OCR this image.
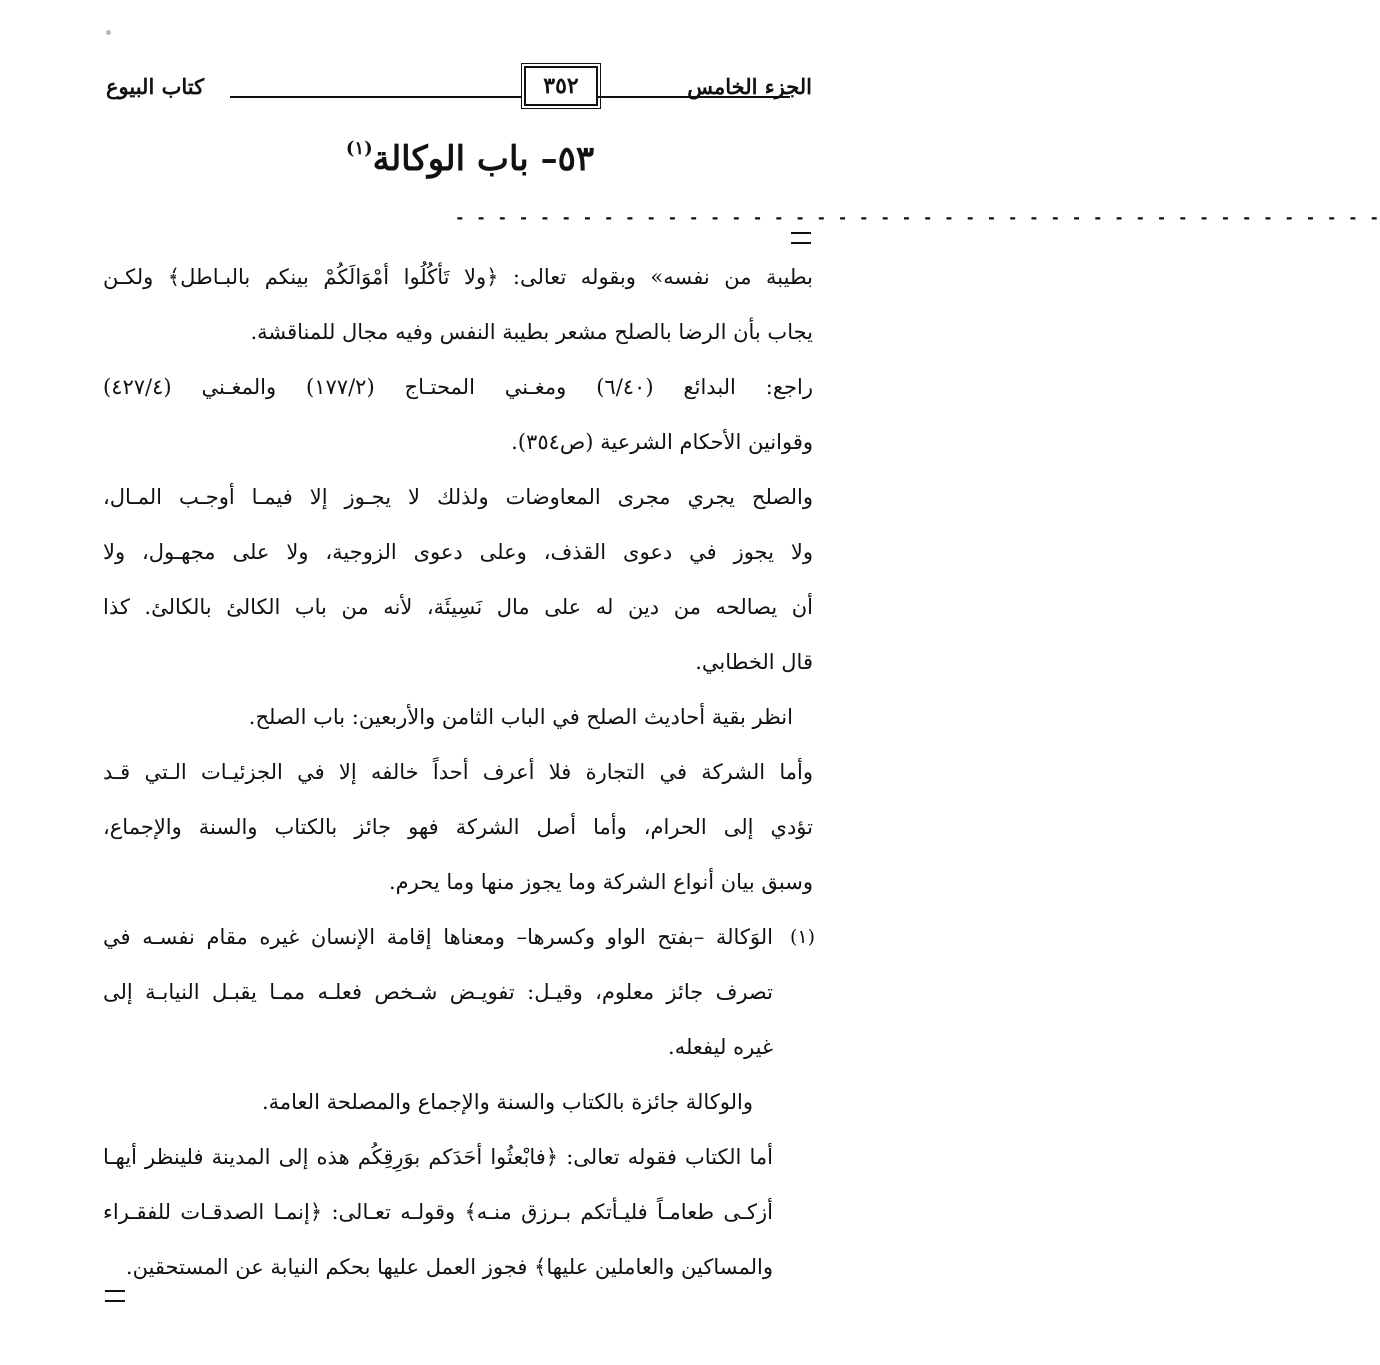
الجزء الخامس
٣٥٢
كتاب البيوع
٥٣– باب الوكالة$^{(١)}$
- - - - - - - - - - - - - - - - - - - - - - - - - - - - - - - - - - - - - - - - - - - -
بطيبة من نفسه» وبقوله تعالى: ﴿ولا تَأكُلُوا أمْوَالَكُمْ بينكم بالبـاطل﴾ ولكـن
يجاب بأن الرضا بالصلح مشعر بطيبة النفس وفيه مجال للمناقشة.
راجع: البدائع (٦/٤٠) ومغـني المحتـاج (١٧٧/٢) والمغـني (٤٢٧/٤)
وقوانين الأحكام الشرعية (ص٣٥٤).
والصلح يجري مجرى المعاوضات ولذلك لا يجـوز إلا فيمـا أوجـب المـال،
ولا يجوز في دعوى القذف، وعلى دعوى الزوجية، ولا على مجهـول، ولا
أن يصالحه من دين له على مال نَسِيئَة، لأنه من باب الكالئ بالكالئ. كذا
قال الخطابي.
انظر بقية أحاديث الصلح في الباب الثامن والأربعين: باب الصلح.
وأما الشركة في التجارة فلا أعرف أحداً خالفه إلا في الجزئيـات الـتي قـد
تؤدي إلى الحرام، وأما أصل الشركة فهو جائز بالكتاب والسنة والإجماع،
وسبق بيان أنواع الشركة وما يجوز منها وما يحرم.
(١)
الوَكالة –بفتح الواو وكسرها– ومعناها إقامة الإنسان غيره مقام نفسـه في
تصرف جائز معلوم، وقيـل: تفويـض شـخص فعلـه ممـا يقبـل النيابـة إلى
غيره ليفعله.
والوكالة جائزة بالكتاب والسنة والإجماع والمصلحة العامة.
أما الكتاب فقوله تعالى: ﴿فابْعثُوا أحَدَكم بوَرِقِكُم هذه إلى المدينة فلينظر أيهـا
أزكـى طعامـاً فليـأتكم بـرزق منـه﴾ وقولـه تعـالى: ﴿إنمـا الصدقـات للفقـراء
والمساكين والعاملين عليها﴾ فجوز العمل عليها بحكم النيابة عن المستحقين.
